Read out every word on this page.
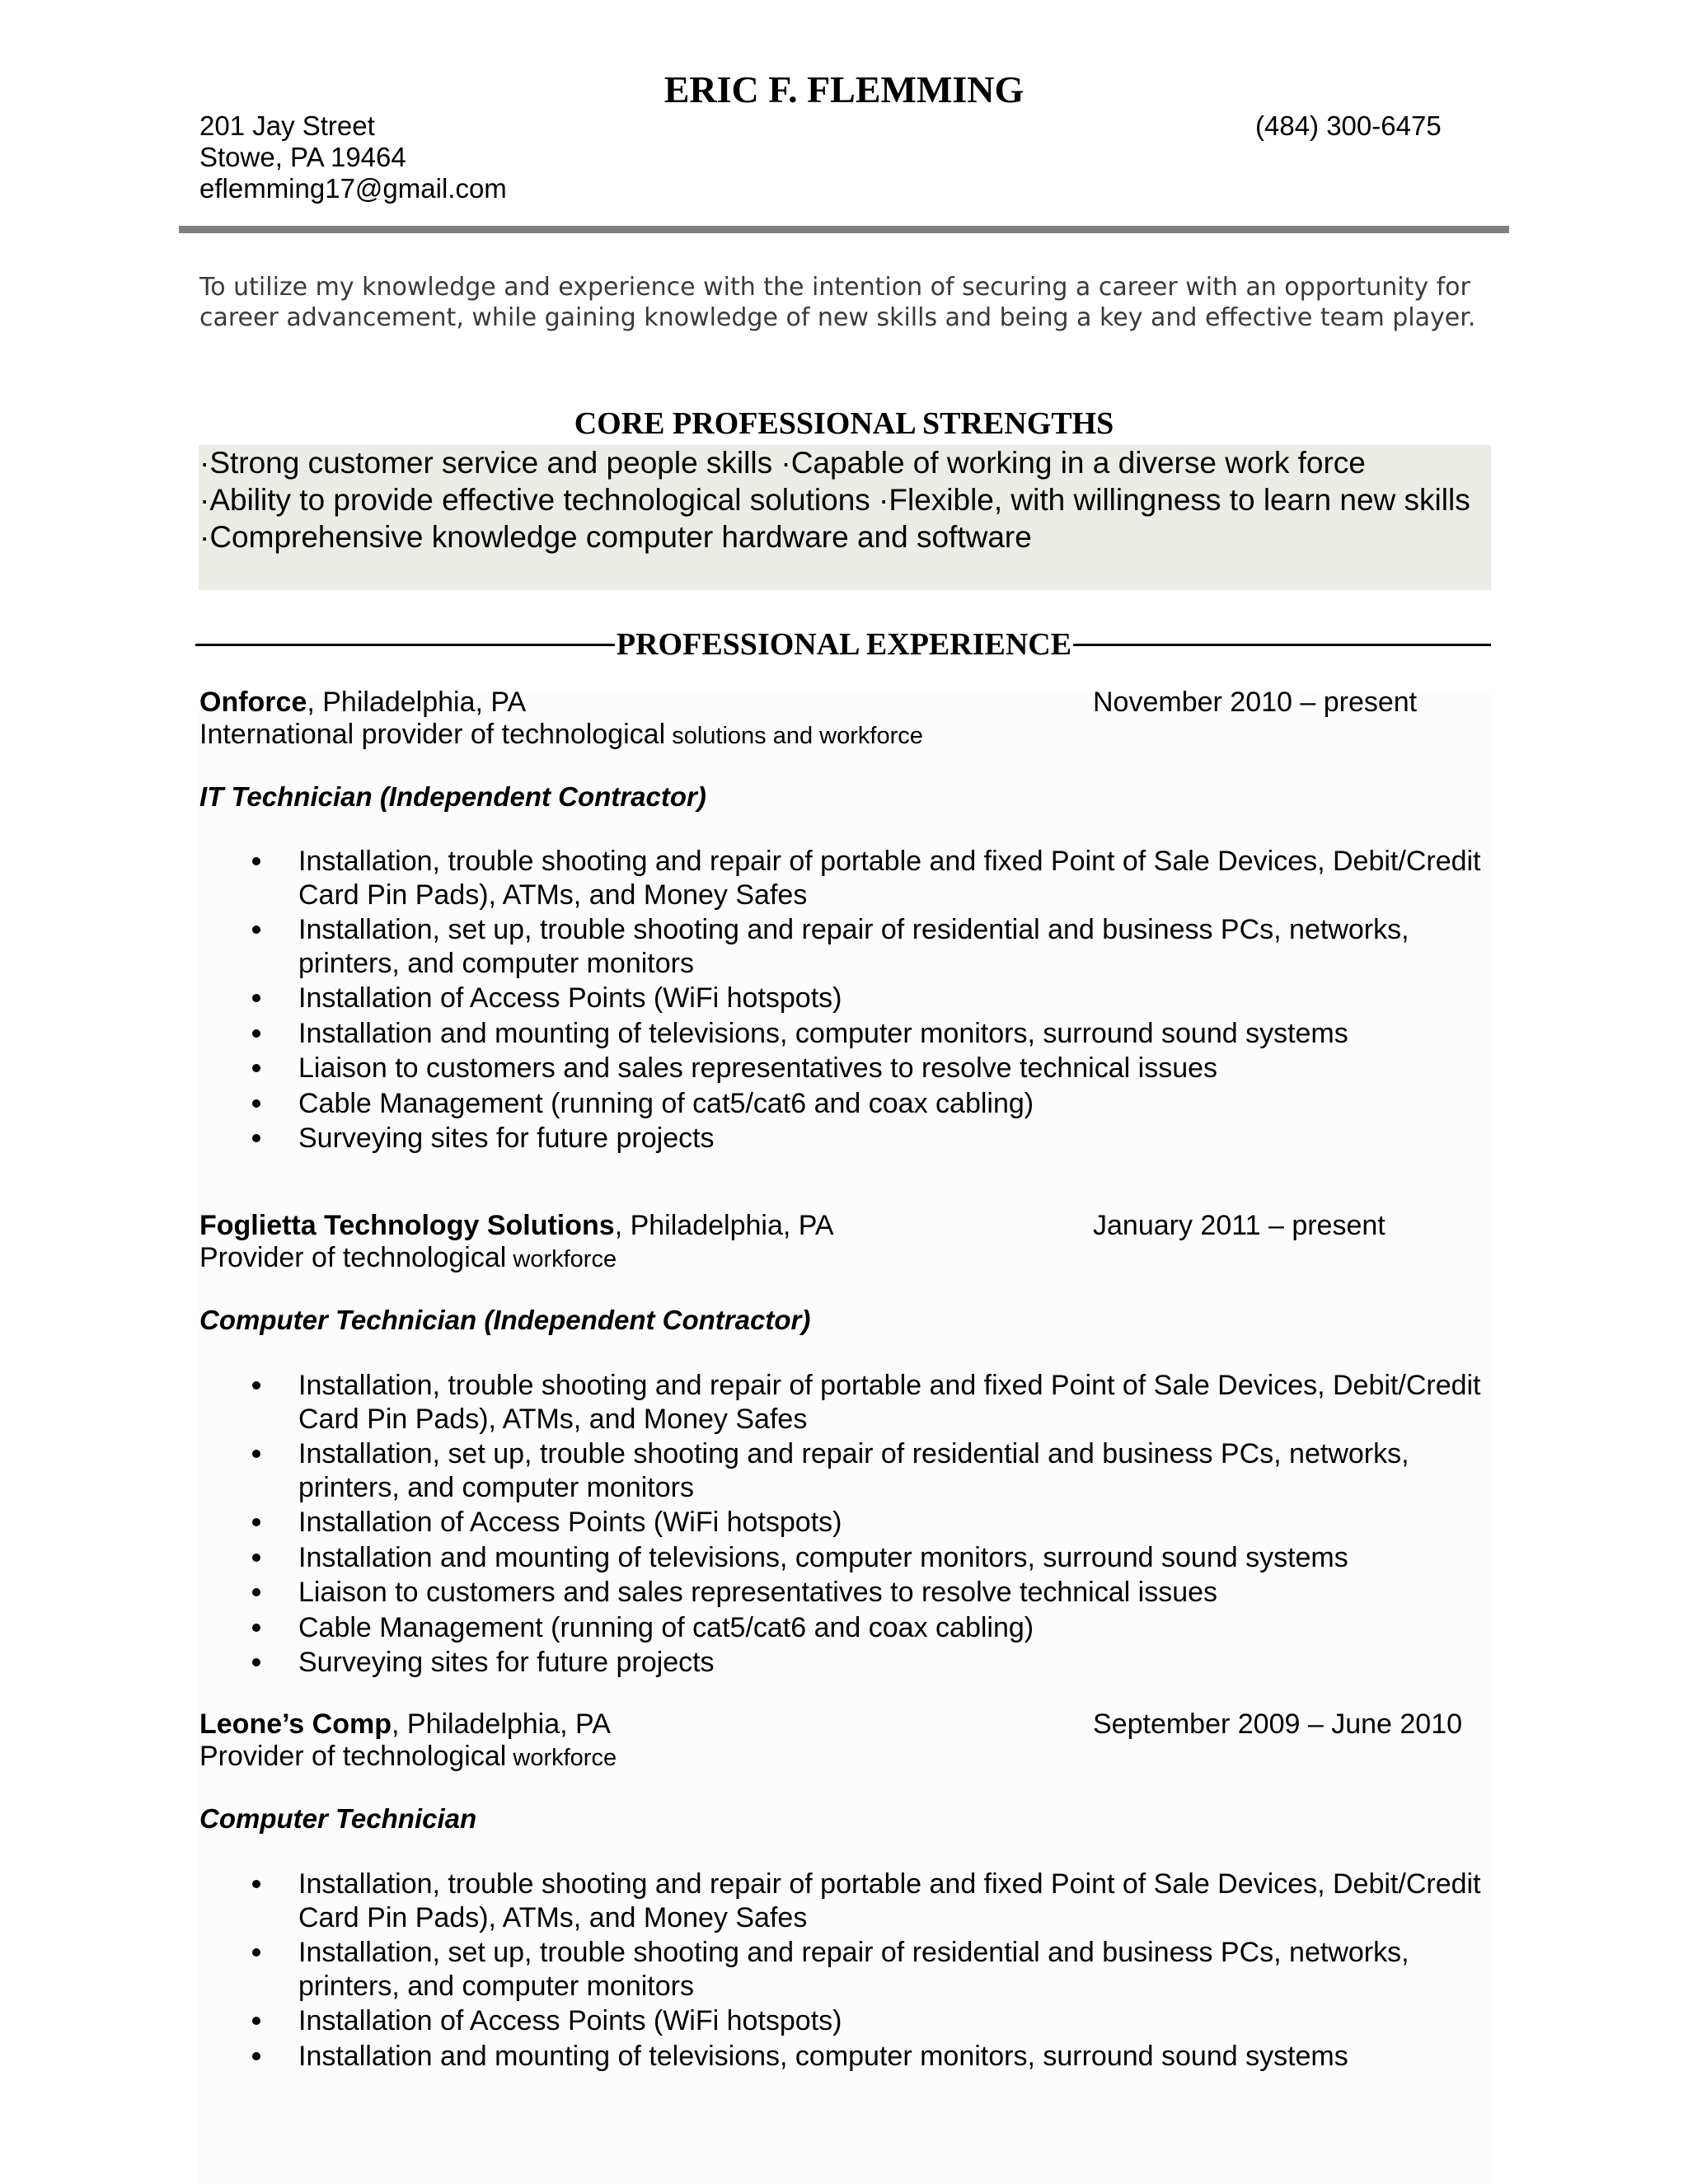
ERIC F. FLEMMING
201 Jay Street
Stowe, PA 19464
eflemming17@gmail.com
(484) 300-6475
To utilize my knowledge and experience with the intention of securing a career with an opportunity for career advancement, while gaining knowledge of new skills and being a key and effective team player.
CORE PROFESSIONAL STRENGTHS
·Strong customer service and people skills ·Capable of working in a diverse work force
·Ability to provide effective technological solutions ·Flexible, with willingness to learn new skills
·Comprehensive knowledge computer hardware and software
PROFESSIONAL EXPERIENCE
Onforce, Philadelphia, PA	November 2010 – present
International provider of technological solutions and workforce
IT Technician (Independent Contractor)
Installation, trouble shooting and repair of portable and fixed Point of Sale Devices, Debit/Credit Card Pin Pads), ATMs, and Money Safes
Installation, set up, trouble shooting and repair of residential and business PCs, networks, printers, and computer monitors
Installation of Access Points (WiFi hotspots)
Installation and mounting of televisions, computer monitors, surround sound systems
Liaison to customers and sales representatives to resolve technical issues
Cable Management (running of cat5/cat6 and coax cabling)
Surveying sites for future projects
Foglietta Technology Solutions, Philadelphia, PA	January 2011 – present
Provider of technological workforce
Computer Technician (Independent Contractor)
Installation, trouble shooting and repair of portable and fixed Point of Sale Devices, Debit/Credit Card Pin Pads), ATMs, and Money Safes
Installation, set up, trouble shooting and repair of residential and business PCs, networks, printers, and computer monitors
Installation of Access Points (WiFi hotspots)
Installation and mounting of televisions, computer monitors, surround sound systems
Liaison to customers and sales representatives to resolve technical issues
Cable Management (running of cat5/cat6 and coax cabling)
Surveying sites for future projects
Leone’s Comp, Philadelphia, PA	September 2009 – June 2010
Provider of technological workforce
Computer Technician
Installation, trouble shooting and repair of portable and fixed Point of Sale Devices, Debit/Credit Card Pin Pads), ATMs, and Money Safes
Installation, set up, trouble shooting and repair of residential and business PCs, networks, printers, and computer monitors
Installation of Access Points (WiFi hotspots)
Installation and mounting of televisions, computer monitors, surround sound systems
